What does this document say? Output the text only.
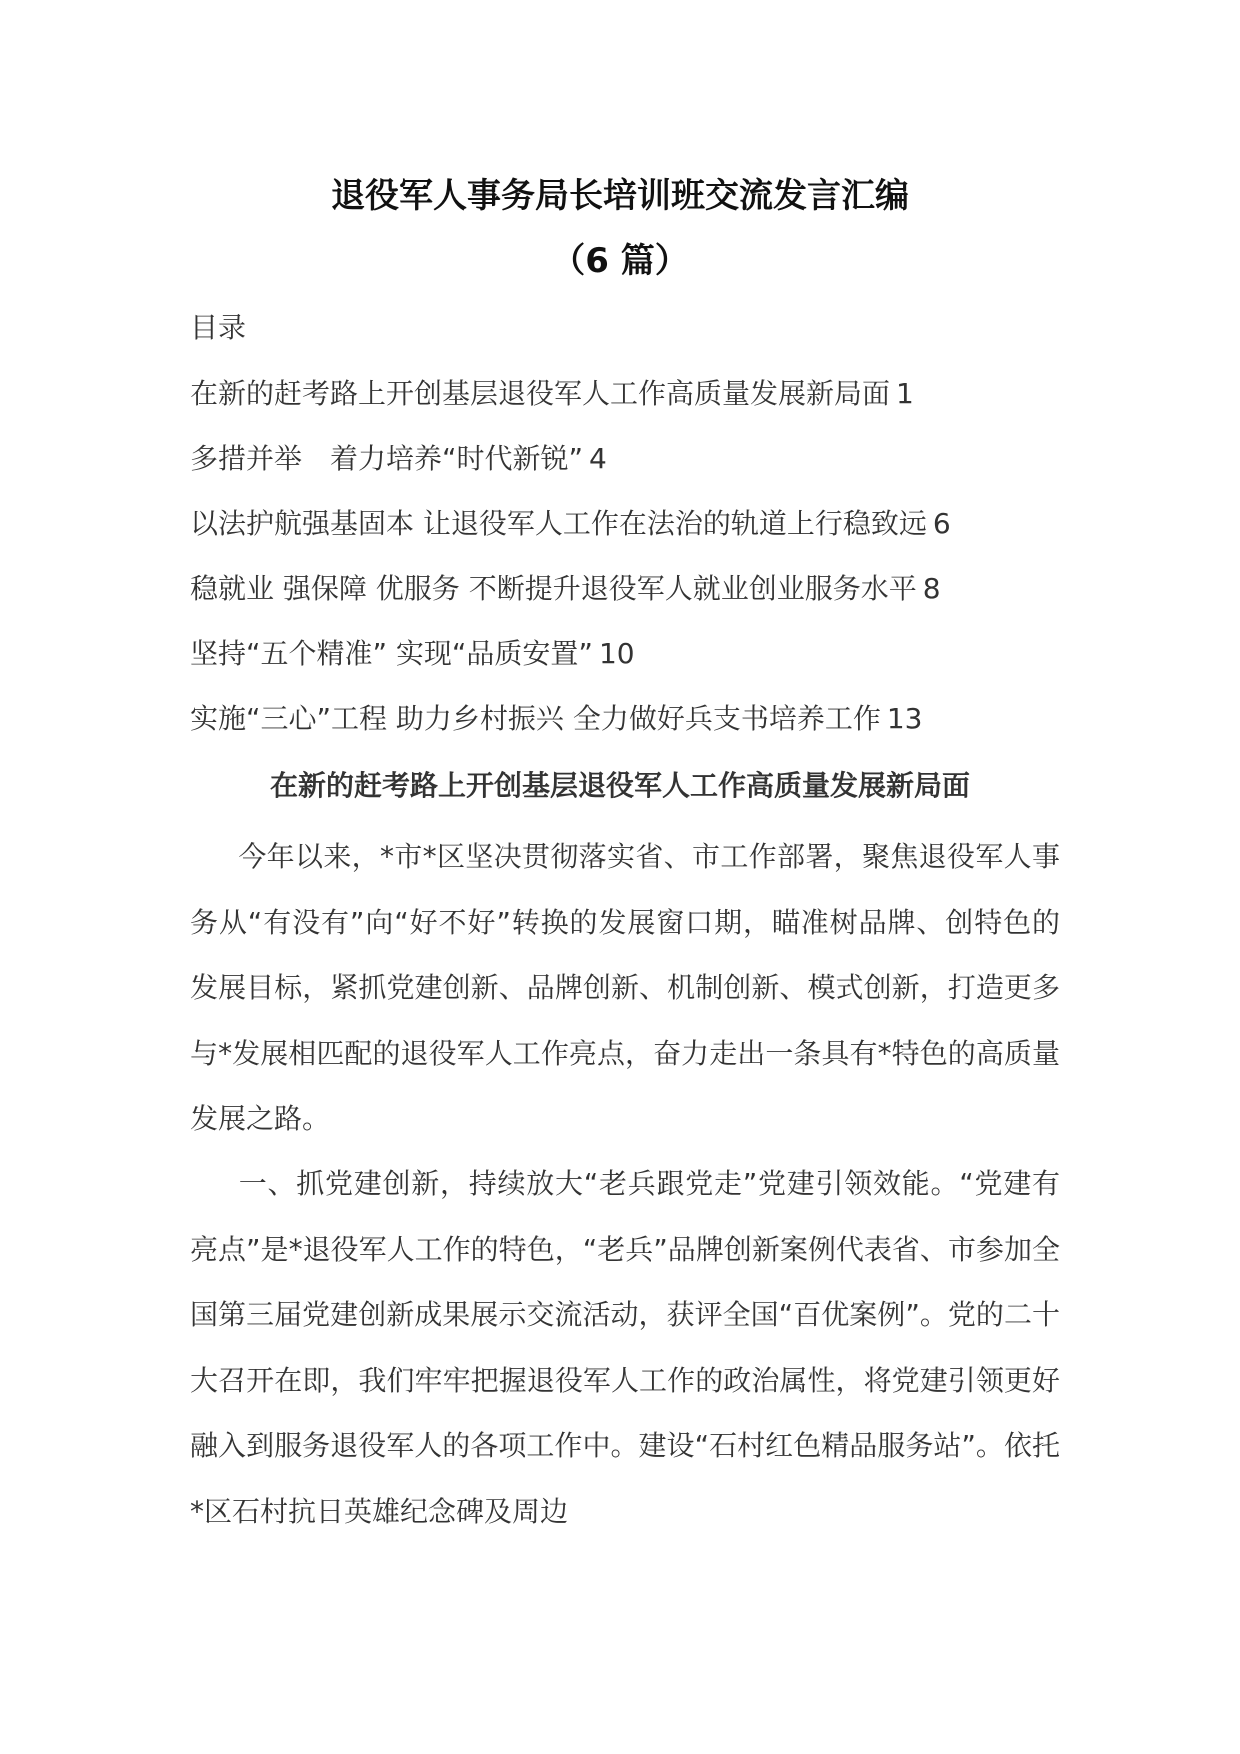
退役军人事务局长培训班交流发言汇编
（6 篇）

目录

在新的赶考路上开创基层退役军人工作高质量发展新局面 1
多措并举　着力培养“时代新锐” 4
以法护航强基固本 让退役军人工作在法治的轨道上行稳致远 6
稳就业 强保障 优服务 不断提升退役军人就业创业服务水平 8
坚持“五个精准” 实现“品质安置” 10
实施“三心”工程 助力乡村振兴 全力做好兵支书培养工作 13
在新的赶考路上开创基层退役军人工作高质量发展新局面

今年以来，*市*区坚决贯彻落实省、市工作部署，聚焦退役军人事务从“有没有”向“好不好”转换的发展窗口期，瞄准树品牌、创特色的发展目标，紧抓党建创新、品牌创新、机制创新、模式创新，打造更多与*发展相匹配的退役军人工作亮点，奋力走出一条具有*特色的高质量发展之路。

一、抓党建创新，持续放大“老兵跟党走”党建引领效能。“党建有亮点”是*退役军人工作的特色，“老兵”品牌创新案例代表省、市参加全国第三届党建创新成果展示交流活动，获评全国“百优案例”。党的二十大召开在即，我们牢牢把握退役军人工作的政治属性，将党建引领更好融入到服务退役军人的各项工作中。建设“石村红色精品服务站”。依托*区石村抗日英雄纪念碑及周边
